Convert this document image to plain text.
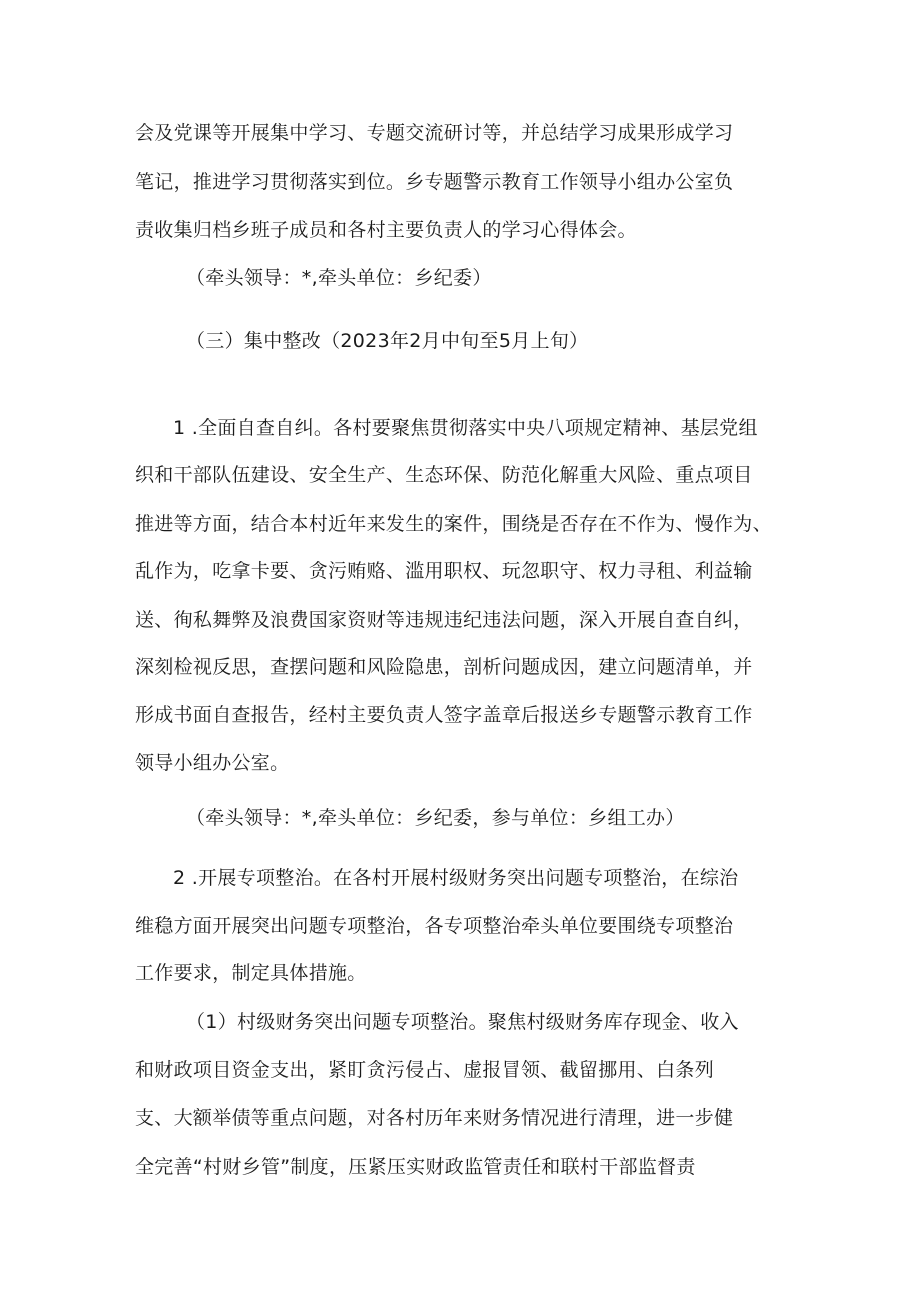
会及党课等开展集中学习、专题交流研讨等，并总结学习成果形成学习

笔记，推进学习贯彻落实到位。乡专题警示教育工作领导小组办公室负

责收集归档乡班子成员和各村主要负责人的学习心得体会。

（牵头领导：*,牵头单位：乡纪委）

（三）集中整改（2023年2月中旬至5月上旬）

1 .全面自查自纠。各村要聚焦贯彻落实中央八项规定精神、基层党组

织和干部队伍建设、安全生产、生态环保、防范化解重大风险、重点项目

推进等方面，结合本村近年来发生的案件，围绕是否存在不作为、慢作为、

乱作为，吃拿卡要、贪污贿赂、滥用职权、玩忽职守、权力寻租、利益输

送、徇私舞弊及浪费国家资财等违规违纪违法问题，深入开展自查自纠，

深刻检视反思，查摆问题和风险隐患，剖析问题成因，建立问题清单，并

形成书面自查报告，经村主要负责人签字盖章后报送乡专题警示教育工作

领导小组办公室。

（牵头领导：*,牵头单位：乡纪委，参与单位：乡组工办）

2 .开展专项整治。在各村开展村级财务突出问题专项整治，在综治

维稳方面开展突出问题专项整治，各专项整治牵头单位要围绕专项整治

工作要求，制定具体措施。

（1）村级财务突出问题专项整治。聚焦村级财务库存现金、收入

和财政项目资金支出，紧盯贪污侵占、虚报冒领、截留挪用、白条列

支、大额举债等重点问题，对各村历年来财务情况进行清理，进一步健

全完善“村财乡管”制度，压紧压实财政监管责任和联村干部监督责
